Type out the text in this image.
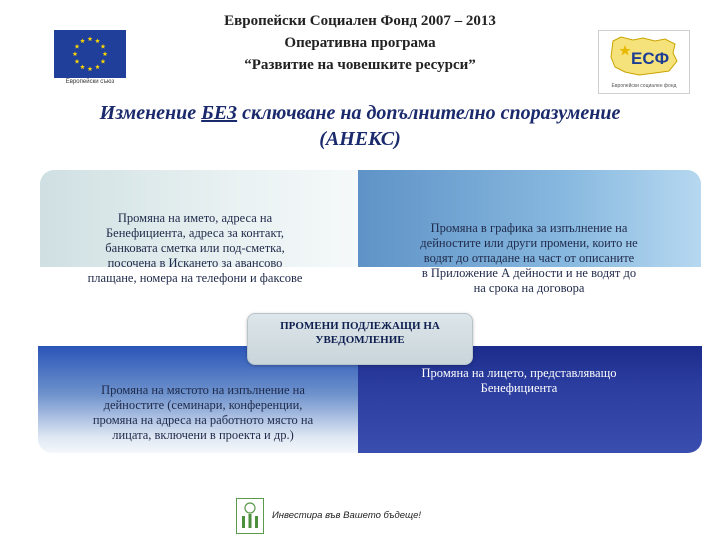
Европейски съюз
ЕСФ
Европейски социален фонд
Европейски Социален Фонд 2007 – 2013
Оперативна програма
“Развитие на човешките ресурси”
Изменение БЕЗ сключване на допълнително споразумение
(АНЕКС)
Промяна на името, адреса на
Бенефициента, адреса за контакт,
банковата сметка или под-сметка,
посочена в Искането за авансово
плащане, номера на телефони и факсове
Промяна в графика за изпълнение на
дейностите или други промени, които не
водят до отпадане на част от описаните
в Приложение А дейности и не водят до
на срока на договора
Промяна на мястото на изпълнение на
дейностите (семинари, конференции,
промяна на адреса на работното място на
лицата, включени в проекта и др.)
Промяна на лицето, представляващо
Бенефициента
ПРОМЕНИ ПОДЛЕЖАЩИ НА
УВЕДОМЛЕНИЕ
Инвестира във Вашето бъдеще!
